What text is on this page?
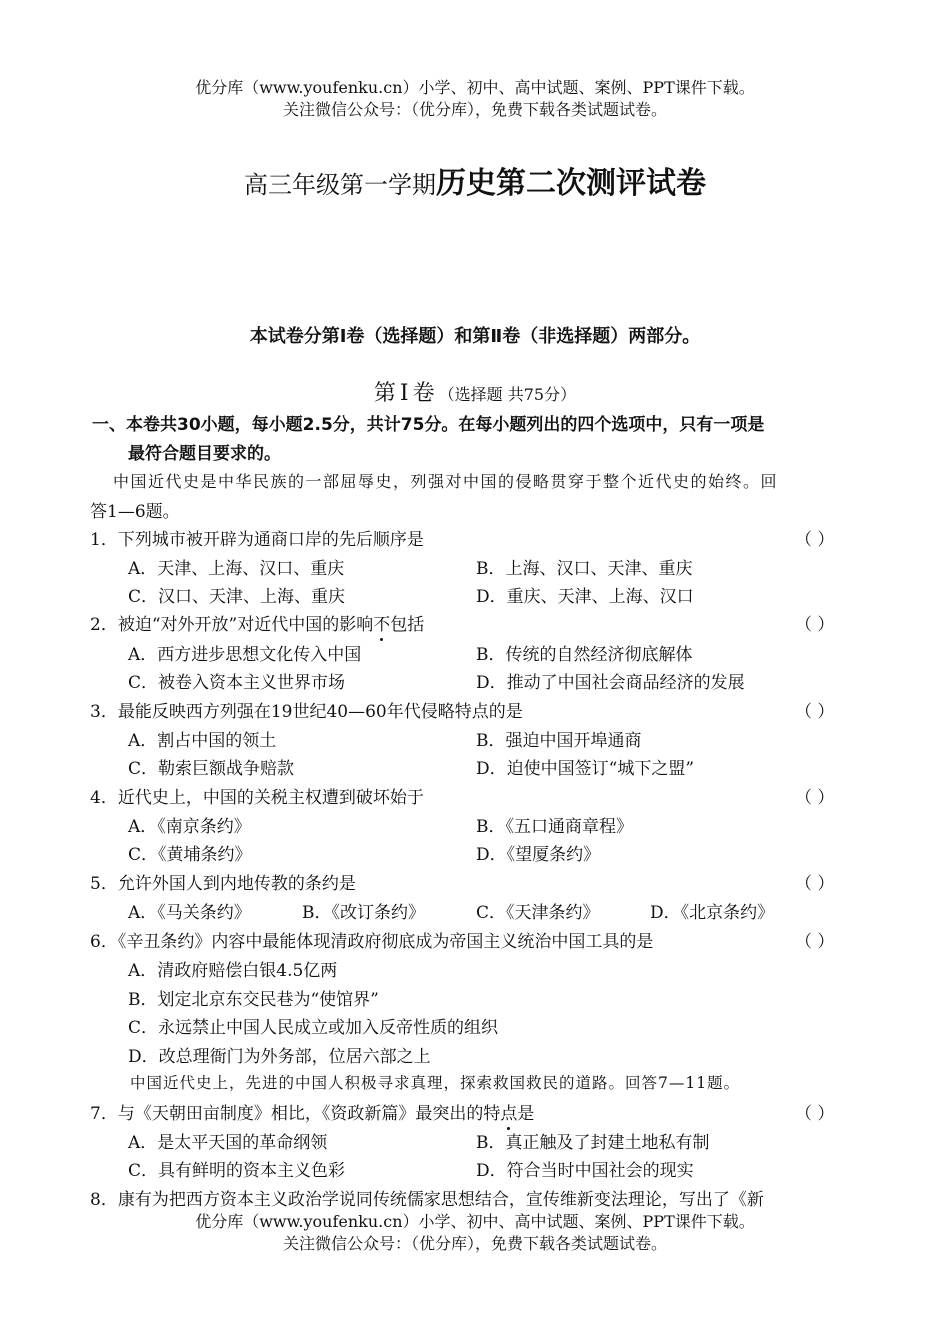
优分库（www.youfenku.cn）小学、初中、高中试题、案例、PPT课件下载。
关注微信公众号：（优分库），免费下载各类试题试卷。
高三年级第一学期历史第二次测评试卷
本试卷分第Ⅰ卷（选择题）和第Ⅱ卷（非选择题）两部分。
第Ⅰ卷（选择题 共75分）
一、本卷共30小题，每小题2.5分，共计75分。在每小题列出的四个选项中，只有一项是
最符合题目要求的。
中国近代史是中华民族的一部屈辱史，列强对中国的侵略贯穿于整个近代史的始终。回
答1—6题。
1．下列城市被开辟为通商口岸的先后顺序是	（ ）
A．天津、上海、汉口、重庆	B．上海、汉口、天津、重庆
C．汉口、天津、上海、重庆	D．重庆、天津、上海、汉口
2．被迫“对外开放”对近代中国的影响不包括	（ ）
A．西方进步思想文化传入中国	B．传统的自然经济彻底解体
C．被卷入资本主义世界市场	D．推动了中国社会商品经济的发展
3．最能反映西方列强在19世纪40—60年代侵略特点的是	（ ）
A．割占中国的领土	B．强迫中国开埠通商
C．勒索巨额战争赔款	D．迫使中国签订“城下之盟”
4．近代史上，中国的关税主权遭到破坏始于	（ ）
A．《南京条约》	B．《五口通商章程》
C．《黄埔条约》	D．《望厦条约》
5．允许外国人到内地传教的条约是	（ ）
A．《马关条约》	B．《改订条约》	C．《天津条约》	D．《北京条约》
6．《辛丑条约》内容中最能体现清政府彻底成为帝国主义统治中国工具的是	（ ）
A．清政府赔偿白银4.5亿两
B．划定北京东交民巷为“使馆界”
C．永远禁止中国人民成立或加入反帝性质的组织
D．改总理衙门为外务部，位居六部之上
中国近代史上，先进的中国人积极寻求真理，探索救国救民的道路。回答7—11题。
7．与《天朝田亩制度》相比，《资政新篇》最突出的特点是	（ ）
A．是太平天国的革命纲领	B．真正触及了封建土地私有制
C．具有鲜明的资本主义色彩	D．符合当时中国社会的现实
8．康有为把西方资本主义政治学说同传统儒家思想结合，宣传维新变法理论，写出了《新
优分库（www.youfenku.cn）小学、初中、高中试题、案例、PPT课件下载。
关注微信公众号：（优分库），免费下载各类试题试卷。
